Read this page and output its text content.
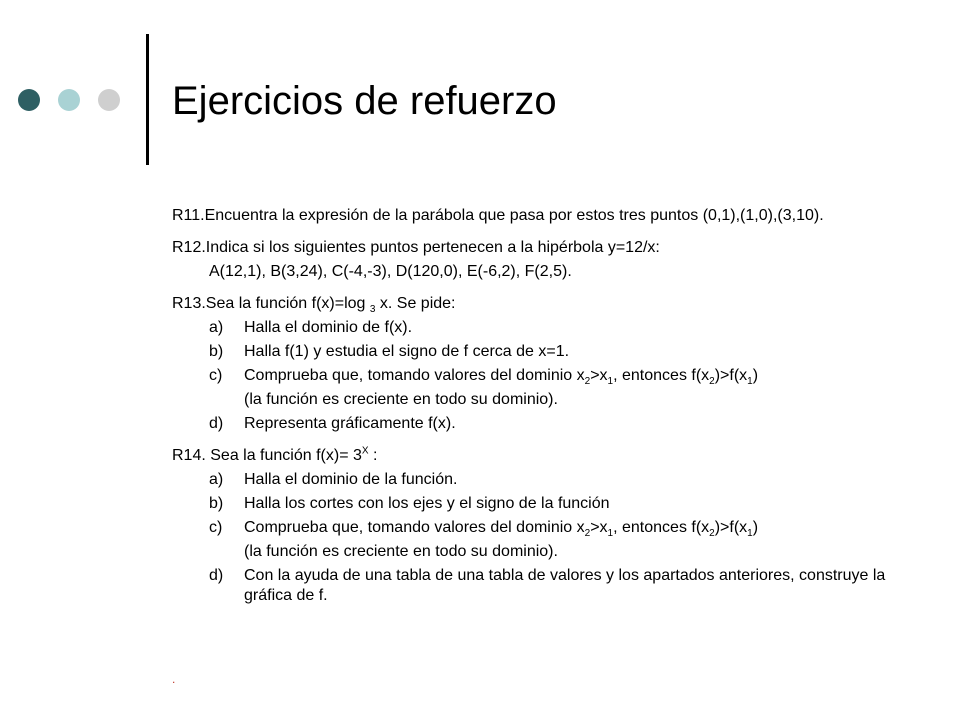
Ejercicios de refuerzo
R11.Encuentra la expresión de la parábola que pasa por estos tres puntos (0,1),(1,0),(3,10).
R12.Indica si los siguientes puntos pertenecen a la hipérbola y=12/x:
A(12,1), B(3,24), C(-4,-3), D(120,0), E(-6,2), F(2,5).
R13.Sea la función f(x)=log $_3$ x. Se pide:
a) Halla el dominio de f(x).
b) Halla f(1) y estudia el signo de f cerca de x=1.
c) Comprueba que, tomando valores del dominio $x_2>x_1$, entonces $f(x_2)>f(x_1)$
(la función es creciente en todo su dominio).
d) Representa gráficamente f(x).
R14. Sea la función $f(x)= 3^X$ :
a) Halla el dominio de la función.
b) Halla los cortes con los ejes y el signo de la función
c) Comprueba que, tomando valores del dominio $x_2>x_1$, entonces $f(x_2)>f(x_1)$
(la función es creciente en todo su dominio).
d) Con la ayuda de una tabla de una tabla de valores y los apartados anteriores, construye la gráfica de f.
.
